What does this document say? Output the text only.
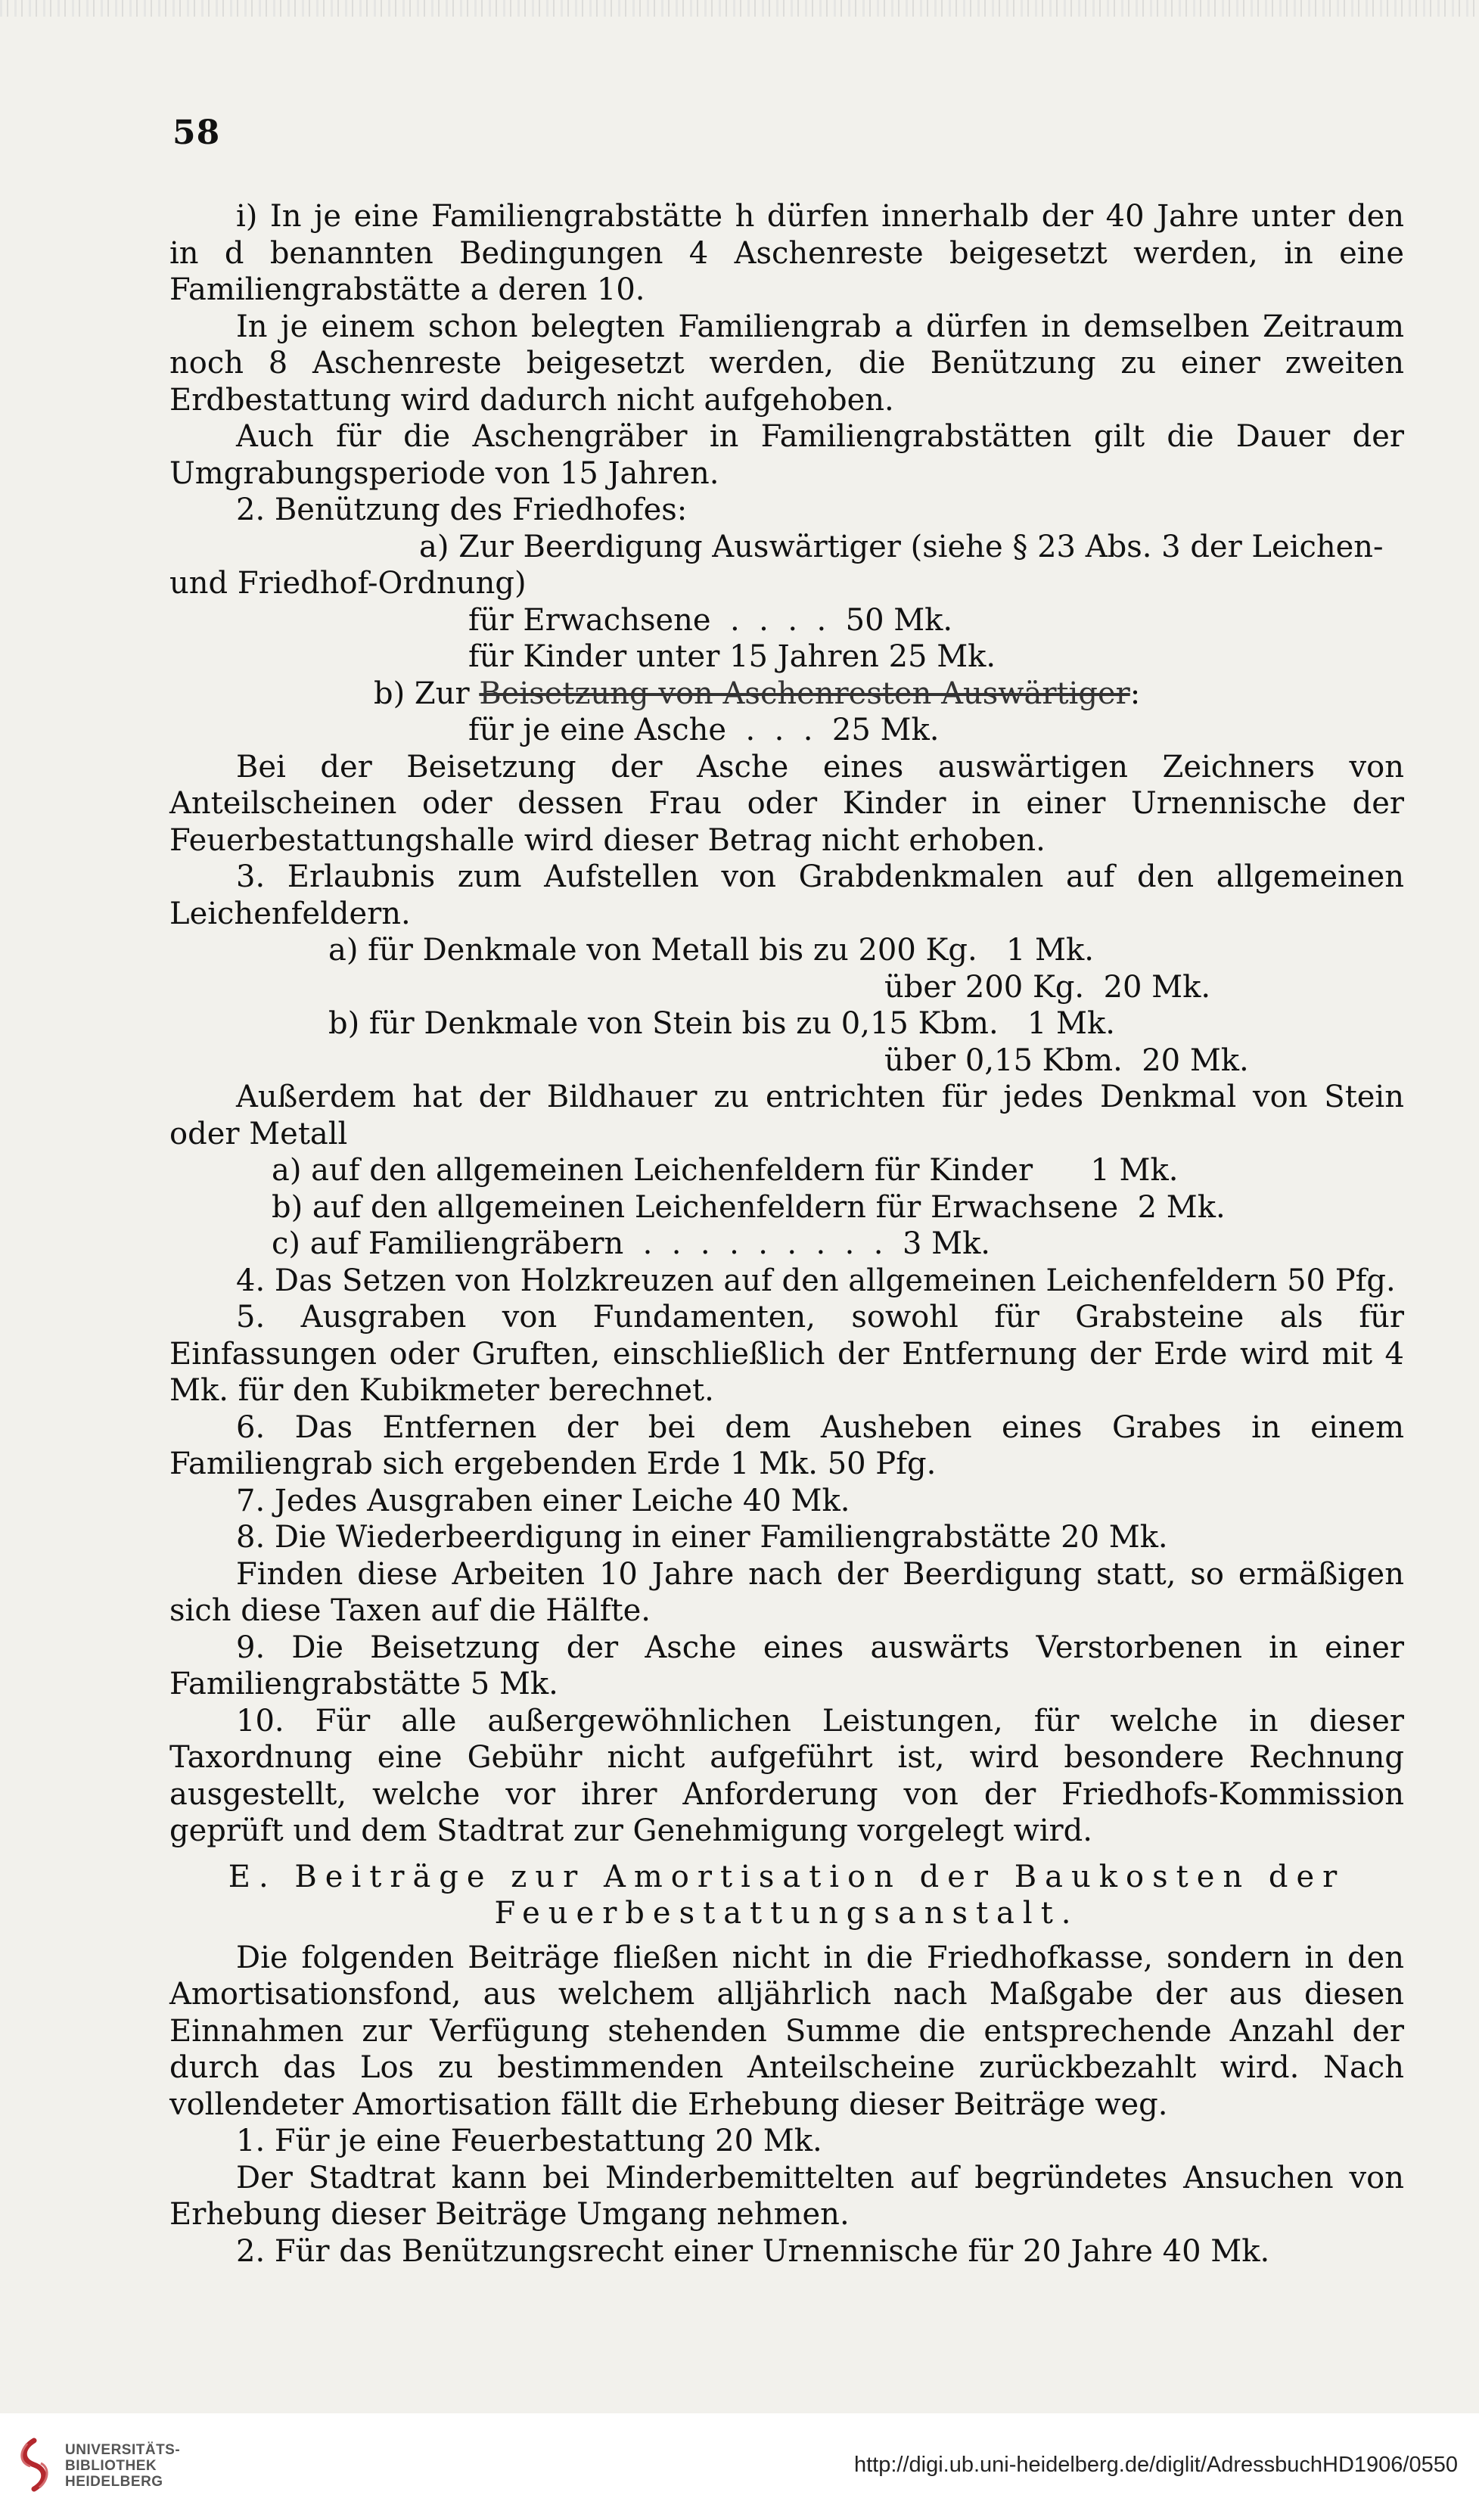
58

i) In je eine Familiengrabstätte h dürfen innerhalb der 40 Jahre unter den in d benannten Bedingungen 4 Aschenreste beigesetzt werden, in eine Familiengrabstätte a deren 10.

In je einem schon belegten Familiengrab a dürfen in demselben Zeitraum noch 8 Aschenreste beigesetzt werden, die Benützung zu einer zweiten Erdbestattung wird dadurch nicht aufgehoben.

Auch für die Aschengräber in Familiengrabstätten gilt die Dauer der Umgrabungsperiode von 15 Jahren.

2. Benützung des Friedhofes:

a) Zur Beerdigung Auswärtiger (siehe § 23 Abs. 3 der Leichen-

und Friedhof-Ordnung)

für Erwachsene  .  .  .  .  50 Mk.

für Kinder unter 15 Jahren 25 Mk.

b) Zur Beisetzung von Aschenresten Auswärtiger:

für je eine Asche  .  .  .  25 Mk.

Bei der Beisetzung der Asche eines auswärtigen Zeichners von Anteilscheinen oder dessen Frau oder Kinder in einer Urnennische der Feuerbestattungshalle wird dieser Betrag nicht erhoben.

3. Erlaubnis zum Aufstellen von Grabdenkmalen auf den allgemeinen Leichenfeldern.

a) für Denkmale von Metall bis zu 200 Kg.   1 Mk.

über 200 Kg.  20 Mk.

b) für Denkmale von Stein bis zu 0,15 Kbm.   1 Mk.

über 0,15 Kbm.  20 Mk.

Außerdem hat der Bildhauer zu entrichten für jedes Denkmal von Stein oder Metall

a) auf den allgemeinen Leichenfeldern für Kinder      1 Mk.

b) auf den allgemeinen Leichenfeldern für Erwachsene  2 Mk.

c) auf Familiengräbern  .  .  .  .  .  .  .  .  .  3 Mk.

4. Das Setzen von Holzkreuzen auf den allgemeinen Leichenfeldern 50 Pfg.

5. Ausgraben von Fundamenten, sowohl für Grabsteine als für Einfassungen oder Gruften, einschließlich der Entfernung der Erde wird mit 4 Mk. für den Kubikmeter berechnet.

6. Das Entfernen der bei dem Ausheben eines Grabes in einem Familiengrab sich ergebenden Erde 1 Mk. 50 Pfg.

7. Jedes Ausgraben einer Leiche 40 Mk.

8. Die Wiederbeerdigung in einer Familiengrabstätte 20 Mk.

Finden diese Arbeiten 10 Jahre nach der Beerdigung statt, so ermäßigen sich diese Taxen auf die Hälfte.

9. Die Beisetzung der Asche eines auswärts Verstorbenen in einer Familiengrabstätte 5 Mk.

10. Für alle außergewöhnlichen Leistungen, für welche in dieser Taxordnung eine Gebühr nicht aufgeführt ist, wird besondere Rechnung ausgestellt, welche vor ihrer Anforderung von der Friedhofs-Kommission geprüft und dem Stadtrat zur Genehmigung vorgelegt wird.

E. Beiträge zur Amortisation der Baukosten der
Feuerbestattungsanstalt.

Die folgenden Beiträge fließen nicht in die Friedhofkasse, sondern in den Amortisationsfond, aus welchem alljährlich nach Maßgabe der aus diesen Einnahmen zur Verfügung stehenden Summe die entsprechende Anzahl der durch das Los zu bestimmenden Anteilscheine zurückbezahlt wird. Nach vollendeter Amortisation fällt die Erhebung dieser Beiträge weg.

1. Für je eine Feuerbestattung 20 Mk.

Der Stadtrat kann bei Minderbemittelten auf begründetes Ansuchen von Erhebung dieser Beiträge Umgang nehmen.

2. Für das Benützungsrecht einer Urnennische für 20 Jahre 40 Mk.

UNIVERSITÄTS-
BIBLIOTHEK
HEIDELBERG
http://digi.ub.uni-heidelberg.de/diglit/AdressbuchHD1906/0550
